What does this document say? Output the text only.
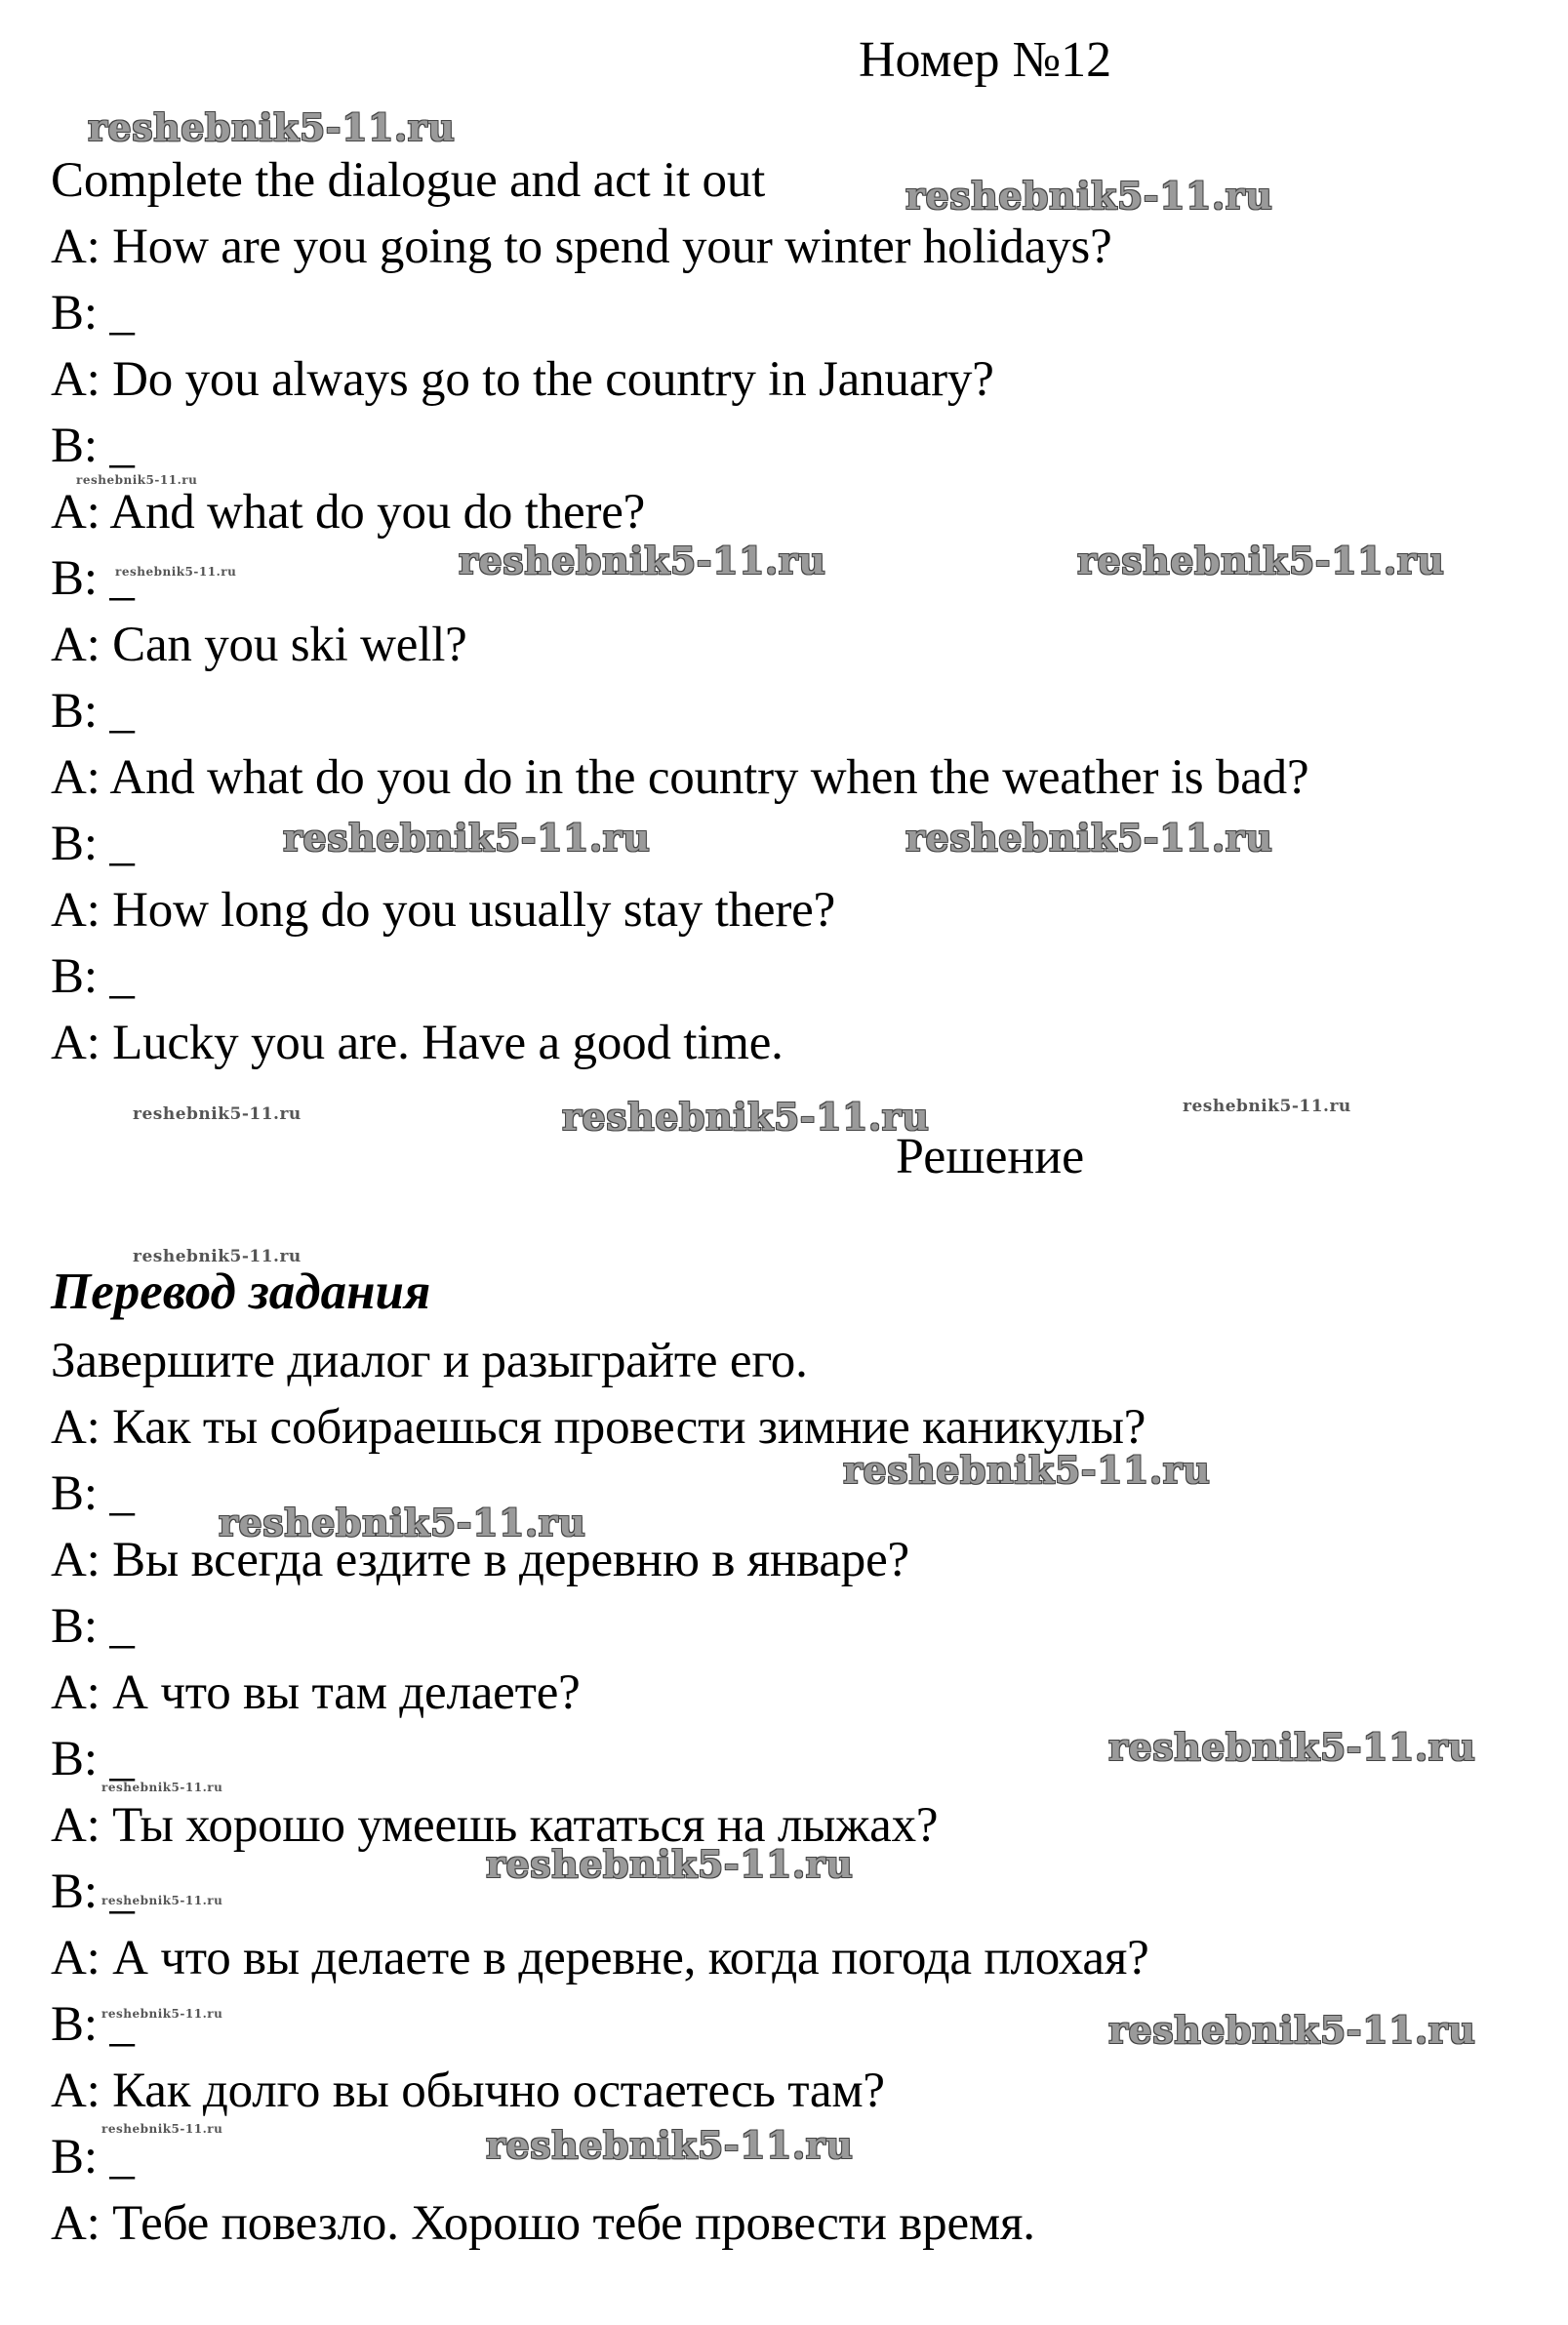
Номер №12
Complete the dialogue and act it out
A: How are you going to spend your winter holidays?
B: _
A: Do you always go to the country in January?
B: _
A: And what do you do there?
B: _
A: Can you ski well?
B: _
A: And what do you do in the country when the weather is bad?
B: _
A: How long do you usually stay there?
B: _
A: Lucky you are. Have a good time.
Решение
Перевод задания
Завершите диалог и разыграйте его.
А: Как ты собираешься провести зимние каникулы?
В: _
А: Вы всегда ездите в деревню в январе?
В: _
А: А что вы там делаете?
В: _
А: Ты хорошо умеешь кататься на лыжах?
В: _
А: А что вы делаете в деревне, когда погода плохая?
В: _
А: Как долго вы обычно остаетесь там?
В: _
А: Тебе повезло. Хорошо тебе провести время.
reshebnik5-11.ru
reshebnik5-11.ru
reshebnik5-11.ru
reshebnik5-11.ru	reshebnik5-11.ru	reshebnik5-11.ru
reshebnik5-11.ru	reshebnik5-11.ru
reshebnik5-11.ru	reshebnik5-11.ru	reshebnik5-11.ru
reshebnik5-11.ru
reshebnik5-11.ru
reshebnik5-11.ru
reshebnik5-11.ru
reshebnik5-11.ru
reshebnik5-11.ru
reshebnik5-11.ru
reshebnik5-11.ru	reshebnik5-11.ru
reshebnik5-11.ru	reshebnik5-11.ru
